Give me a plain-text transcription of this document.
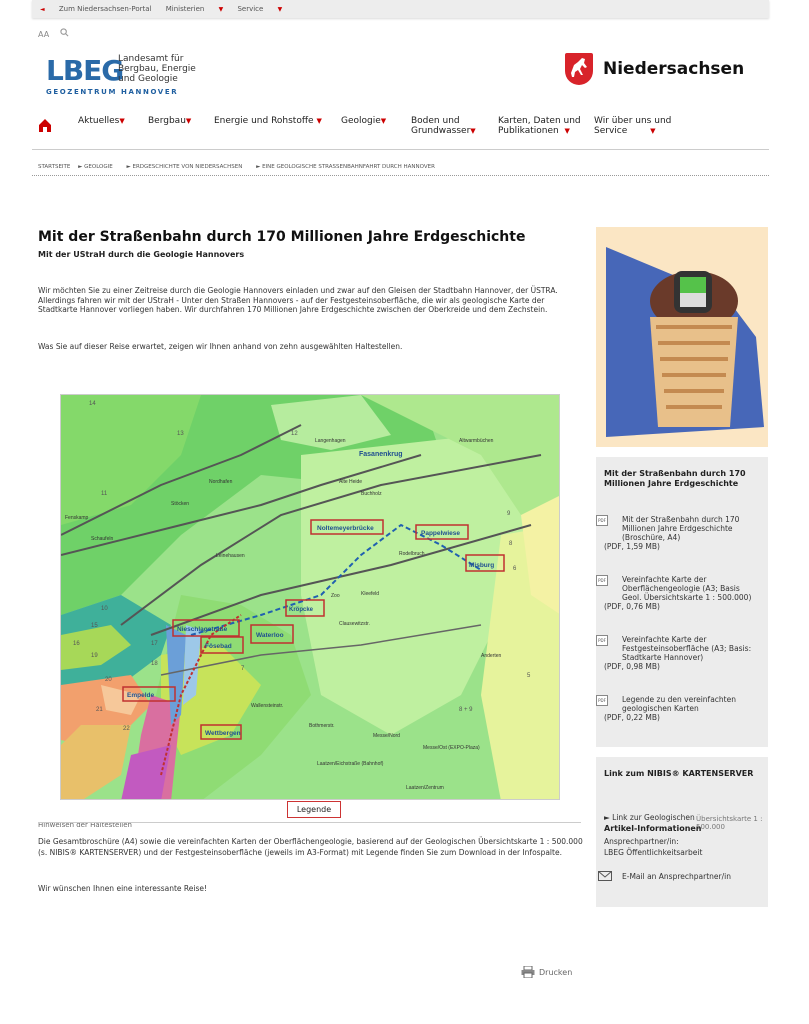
◄ Zum Niedersachsen-Portal Ministerien ▼ Service ▼
AA
LBEG
Landesamt für
Bergbau, Energie
und Geologie
GEOZENTRUM HANNOVER
Niedersachsen
Aktuelles▼	Bergbau▼	Energie und Rohstoffe ▼ Geologie▼	Boden und
Grundwasser▼
Karten, Daten und
Publikationen ▼
Wir über uns und
Service	▼
STARTSEITE ► GEOLOGIE	► ERDGESCHICHTE VON NIEDERSACHSEN	► EINE GEOLOGISCHE STRASSENBAHNFAHRT DURCH HANNOVER
Mit der Straßenbahn durch 170 Millionen Jahre Erdgeschichte
Mit der UStraH durch die Geologie Hannovers

Wir möchten Sie zu einer Zeitreise durch die Geologie Hannovers einladen und zwar auf den Gleisen der Stadtbahn Hannover, der ÜSTRA. Allerdings fahren wir mit der UStraH - Unter den Straßen Hannovers - auf der Festgesteinsoberfläche, die wir als geologische Karte der Stadtkarte Hannover vorliegen haben. Wir durchfahren 170 Millionen Jahre Erdgeschichte zwischen der Oberkreide und dem Zechstein.

Was Sie auf dieser Reise erwartet, zeigen wir Ihnen anhand von zehn ausgewählten Haltestellen.

Fasanenkrug
Noltemeyerbrücke
Pappelwiese
Misburg
Kröpcke
Waterloo
Nieschlagstraße
Fösebad
Empelde
Wettbergen
Langenhagen	Altwarmbüchen
Alte Heide
Buchholz
Rodelbruch
Kleefeld
Zoo
Clausewitzstr.
Anderten
Wallensteinstr.
Bothmerstr.
Messe/Nord
Messe/Ost (EXPO-Plaza)
Laatzen/Eichstraße (Bahnhof)
Laatzen/Zentrum
Stöcken
Nordhafen
Fenskamp
Leinehausen
Schaufeln
14
11
12
13
10
15
16	17
18
19
20
21
22
8
9
5
6
7
8 + 9
Legende
Hinweisen der Haltestellen

Die Gesamtbroschüre (A4) sowie die vereinfachten Karten der Oberflächengeologie, basierend auf der Geologischen Übersichtskarte 1 : 500.000 (s. NIBIS® KARTENSERVER) und der Festgesteinsoberfläche (jeweils im A3-Format) mit Legende finden Sie zum Download in der Infospalte.

Wir wünschen Ihnen eine interessante Reise!

Drucken
Mit der Straßenbahn durch 170 Millionen Jahre Erdgeschichte
PDF	Mit der Straßenbahn durch 170 Millionen Jahre Erdgeschichte (Broschüre, A4)
(PDF, 1,59 MB)
PDF	Vereinfachte Karte der Oberflächengeologie (A3; Basis Geol. Übersichtskarte 1 : 500.000)
(PDF, 0,76 MB)
PDF	Vereinfachte Karte der Festgesteinsoberfläche (A3; Basis: Stadtkarte Hannover)
(PDF, 0,98 MB)
PDF	Legende zu den vereinfachten geologischen Karten
(PDF, 0,22 MB)
Link zum NIBIS® KARTENSERVER
► Link zur Geologischen Übersichtskarte 1 : 500.000
Artikel-Informationen
Ansprechpartner/in:
LBEG Öffentlichkeitsarbeit
E-Mail an Ansprechpartner/in
